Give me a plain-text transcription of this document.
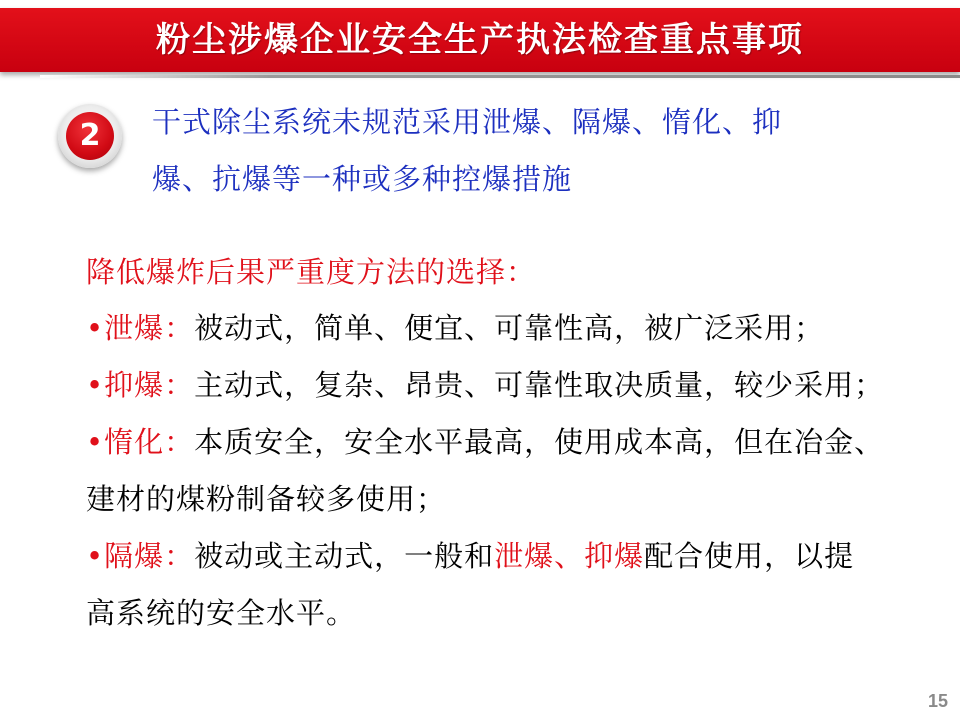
粉尘涉爆企业安全生产执法检查重点事项
2	干式除尘系统未规范采用泄爆、隔爆、惰化、抑
爆、抗爆等一种或多种控爆措施
降低爆炸后果严重度方法的选择：
•泄爆：被动式，简单、便宜、可靠性高，被广泛采用；
•抑爆：主动式，复杂、昂贵、可靠性取决质量，较少采用；
•惰化：本质安全，安全水平最高，使用成本高，但在冶金、
建材的煤粉制备较多使用；
•隔爆：被动或主动式，一般和泄爆、抑爆配合使用，以提
高系统的安全水平。
15
